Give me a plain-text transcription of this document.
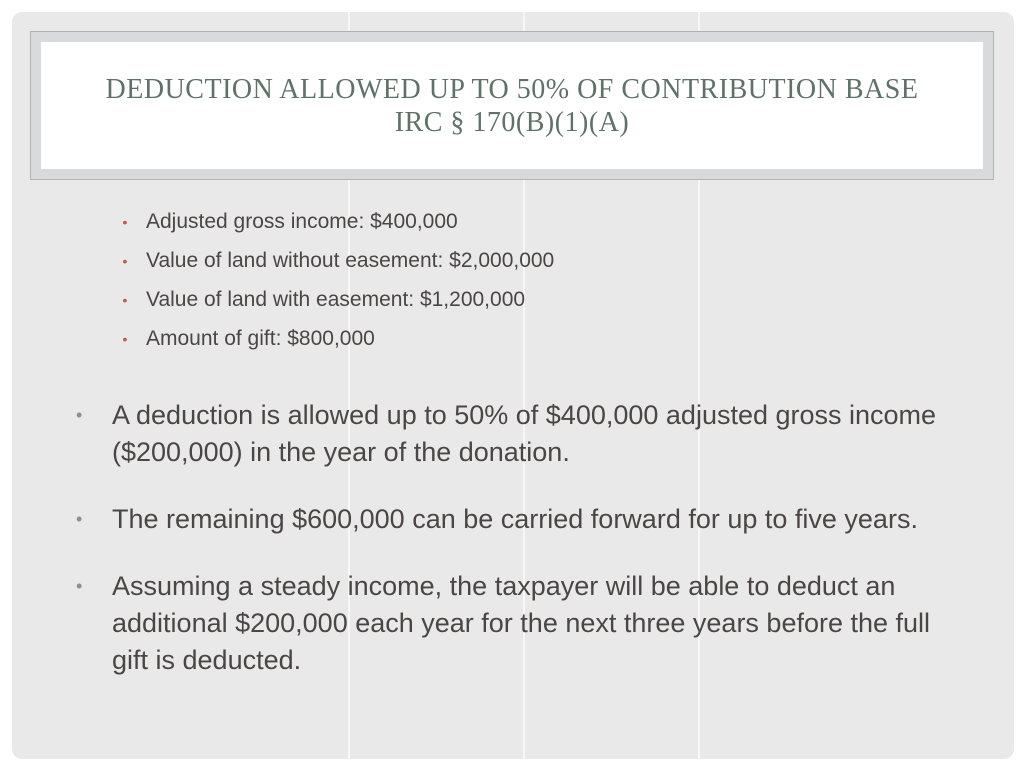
DEDUCTION ALLOWED UP TO 50% OF CONTRIBUTION BASE
IRC § 170(B)(1)(A)
• Adjusted gross income: $400,000
• Value of land without easement: $2,000,000
• Value of land with easement: $1,200,000
• Amount of gift: $800,000
•	A deduction is allowed up to 50% of $400,000 adjusted gross income ($200,000) in the year of the donation.
•	The remaining $600,000 can be carried forward for up to five years.
•	Assuming a steady income, the taxpayer will be able to deduct an additional $200,000 each year for the next three years before the full gift is deducted.
